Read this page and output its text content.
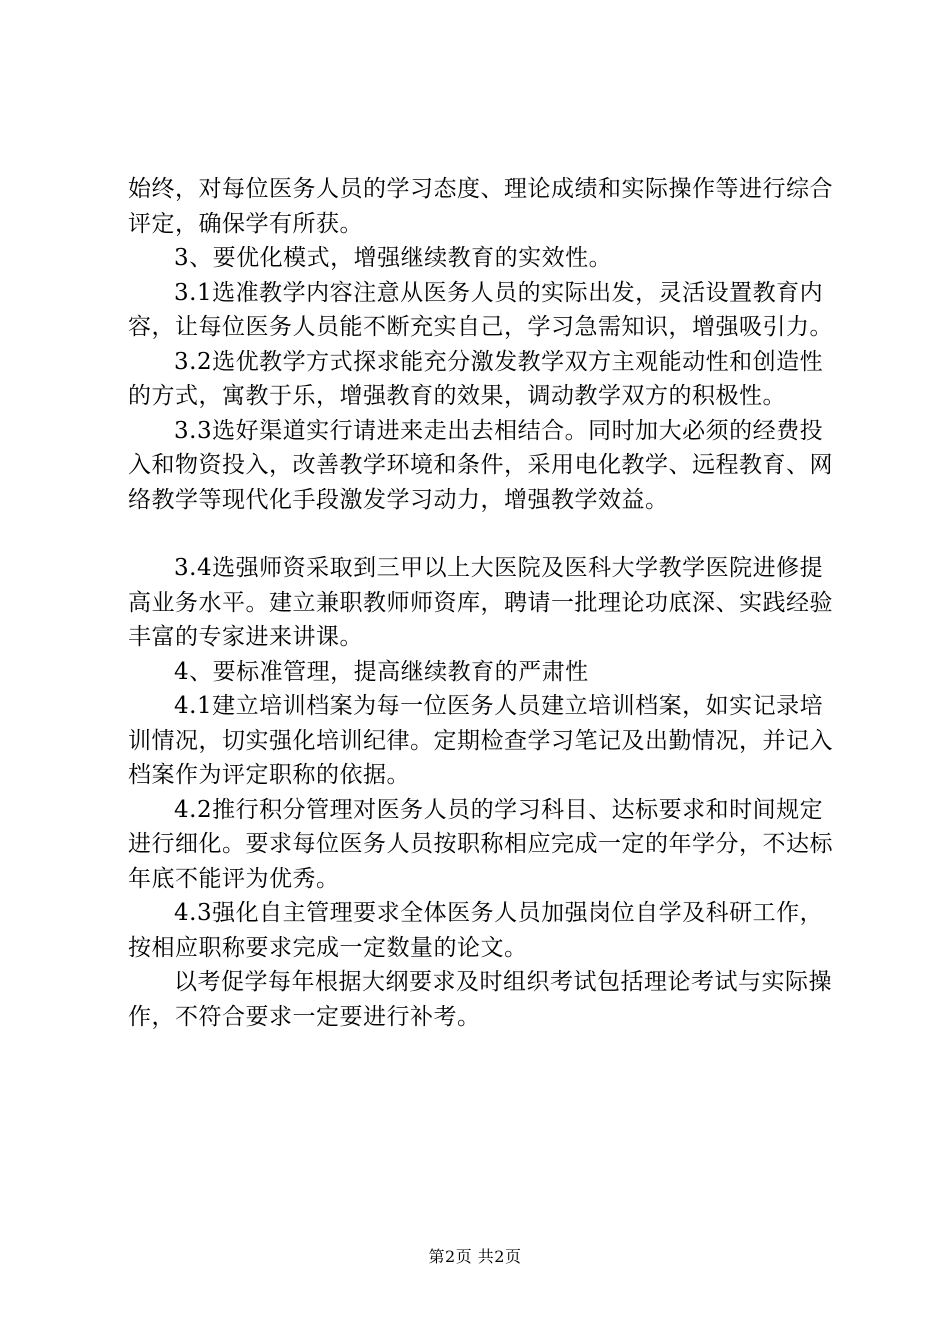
始终，对每位医务人员的学习态度、理论成绩和实际操作等进行综合评定，确保学有所获。

3、要优化模式，增强继续教育的实效性。

3.1选准教学内容注意从医务人员的实际出发，灵活设置教育内容，让每位医务人员能不断充实自己，学习急需知识，增强吸引力。

3.2选优教学方式探求能充分激发教学双方主观能动性和创造性的方式，寓教于乐，增强教育的效果，调动教学双方的积极性。

3.3选好渠道实行请进来走出去相结合。同时加大必须的经费投入和物资投入，改善教学环境和条件，采用电化教学、远程教育、网络教学等现代化手段激发学习动力，增强教学效益。

3.4选强师资采取到三甲以上大医院及医科大学教学医院进修提高业务水平。建立兼职教师师资库，聘请一批理论功底深、实践经验丰富的专家进来讲课。

4、要标准管理，提高继续教育的严肃性

4.1建立培训档案为每一位医务人员建立培训档案，如实记录培训情况，切实强化培训纪律。定期检查学习笔记及出勤情况，并记入档案作为评定职称的依据。

4.2推行积分管理对医务人员的学习科目、达标要求和时间规定进行细化。要求每位医务人员按职称相应完成一定的年学分，不达标年底不能评为优秀。

4.3强化自主管理要求全体医务人员加强岗位自学及科研工作，按相应职称要求完成一定数量的论文。

以考促学每年根据大纲要求及时组织考试包括理论考试与实际操作，不符合要求一定要进行补考。

第2页 共2页
